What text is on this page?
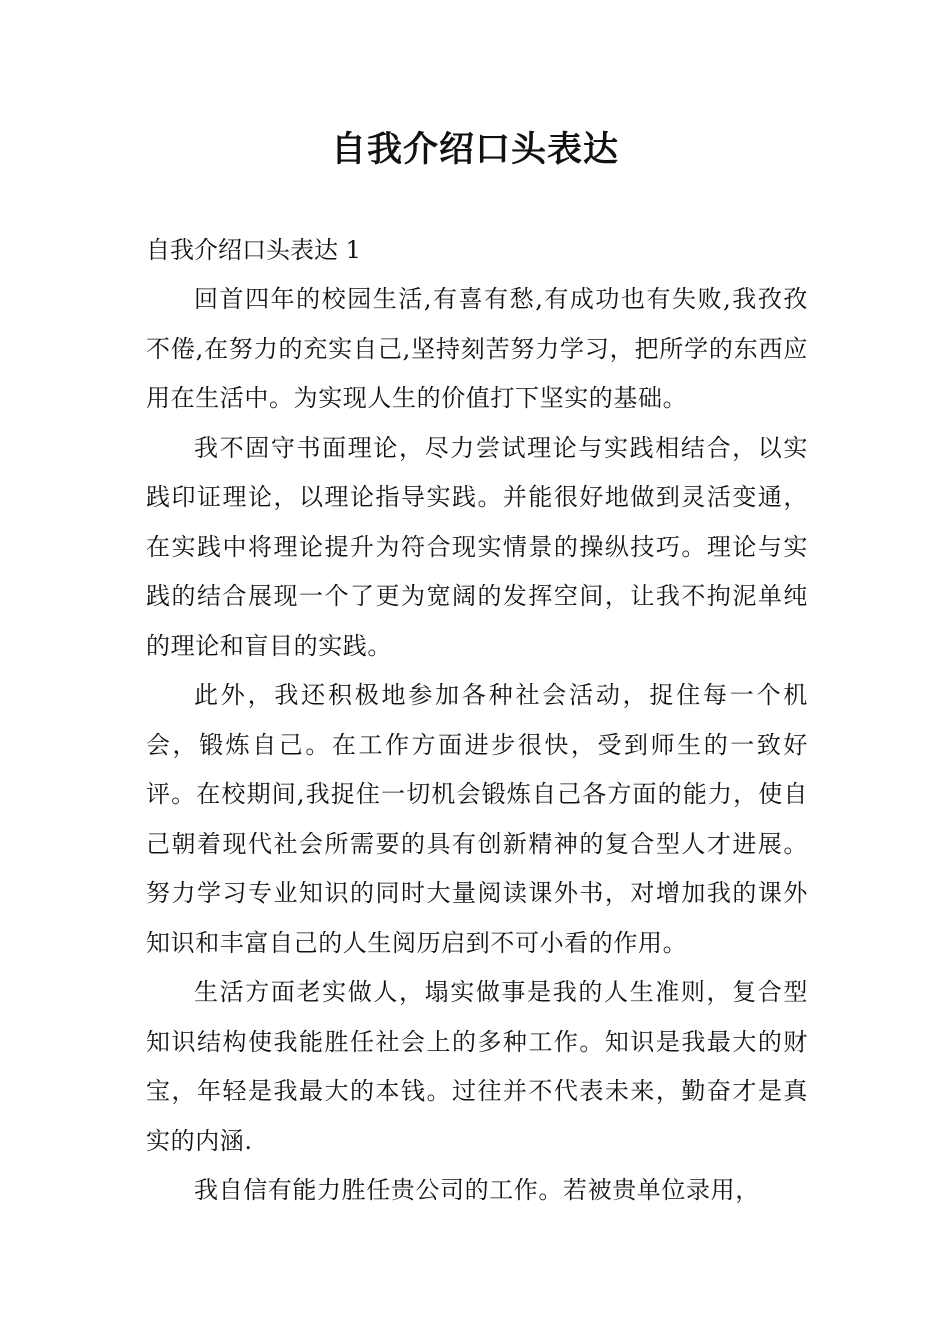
自我介绍口头表达

自我介绍口头表达 1

回首四年的校园生活,有喜有愁,有成功也有失败,我孜孜不倦,在努力的充实自己,坚持刻苦努力学习，把所学的东西应用在生活中。为实现人生的价值打下坚实的基础。

我不固守书面理论，尽力尝试理论与实践相结合，以实践印证理论，以理论指导实践。并能很好地做到灵活变通，在实践中将理论提升为符合现实情景的操纵技巧。理论与实践的结合展现一个了更为宽阔的发挥空间，让我不拘泥单纯的理论和盲目的实践。

此外，我还积极地参加各种社会活动，捉住每一个机会，锻炼自己。在工作方面进步很快，受到师生的一致好评。在校期间,我捉住一切机会锻炼自己各方面的能力，使自己朝着现代社会所需要的具有创新精神的复合型人才进展。努力学习专业知识的同时大量阅读课外书，对增加我的课外知识和丰富自己的人生阅历启到不可小看的作用。

生活方面老实做人，塌实做事是我的人生准则，复合型知识结构使我能胜任社会上的多种工作。知识是我最大的财宝，年轻是我最大的本钱。过往并不代表未来，勤奋才是真实的内涵.

我自信有能力胜任贵公司的工作。若被贵单位录用，
